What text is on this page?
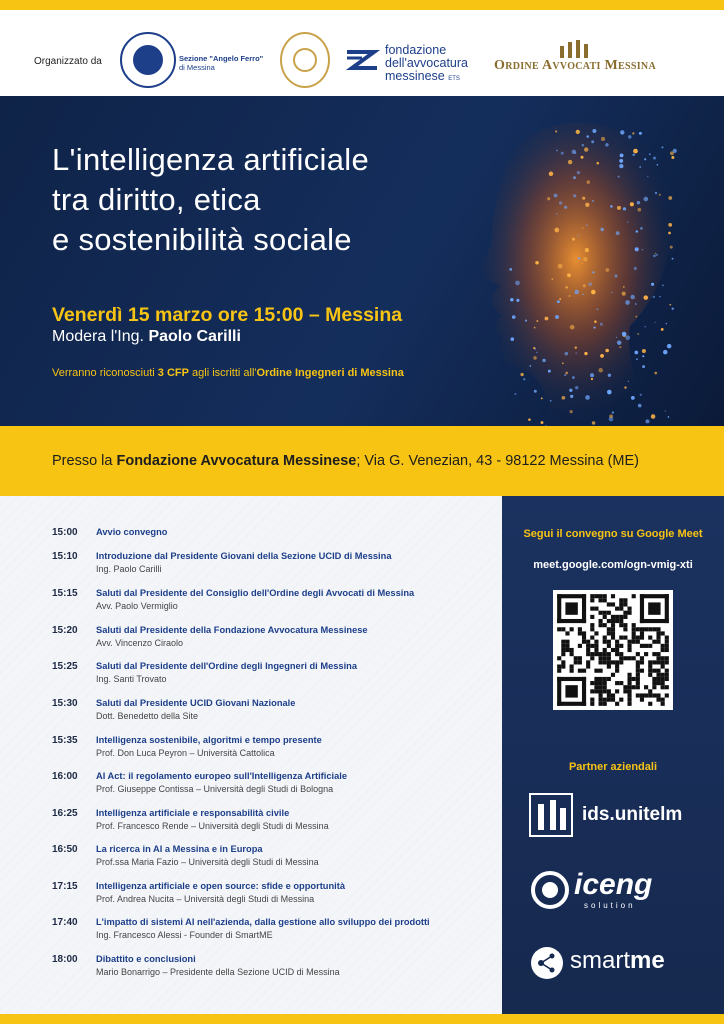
Organizzato da	Sezione "Angelo Ferro"
di Messina
fondazione
dell'avvocatura
messinese ETS
Ordine Avvocati Messina
L'intelligenza artificiale
tra diritto, etica
e sostenibilità sociale
Venerdì 15 marzo ore 15:00 – Messina
Modera l'Ing. Paolo Carilli
Verranno riconosciuti 3 CFP agli iscritti all'Ordine Ingegneri di Messina
Presso la Fondazione Avvocatura Messinese; Via G. Venezian, 43 - 98122 Messina (ME)
15:00 Avvio convegno
15:10 Introduzione dal Presidente Giovani della Sezione UCID di Messina
Ing. Paolo Carilli
15:15 Saluti dal Presidente del Consiglio dell'Ordine degli Avvocati di Messina
Avv. Paolo Vermiglio
15:20 Saluti dal Presidente della Fondazione Avvocatura Messinese
Avv. Vincenzo Ciraolo
15:25 Saluti dal Presidente dell'Ordine degli Ingegneri di Messina
Ing. Santi Trovato
15:30 Saluti dal Presidente UCID Giovani Nazionale
Dott. Benedetto della Site
15:35 Intelligenza sostenibile, algoritmi e tempo presente
Prof. Don Luca Peyron – Università Cattolica
16:00 AI Act: il regolamento europeo sull'Intelligenza Artificiale
Prof. Giuseppe Contissa – Università degli Studi di Bologna
16:25 Intelligenza artificiale e responsabilità civile
Prof. Francesco Rende – Università degli Studi di Messina
16:50 La ricerca in AI a Messina e in Europa
Prof.ssa Maria Fazio – Università degli Studi di Messina
17:15 Intelligenza artificiale e open source: sfide e opportunità
Prof. Andrea Nucita – Università degli Studi di Messina
17:40 L'impatto di sistemi AI nell'azienda, dalla gestione allo sviluppo dei prodotti
Ing. Francesco Alessi - Founder di SmartME
18:00 Dibattito e conclusioni
Mario Bonarrigo – Presidente della Sezione UCID di Messina
Segui il convegno su Google Meet
meet.google.com/ogn-vmig-xti
Partner aziendali
ids.unitelm
iceng
solution
smartme
